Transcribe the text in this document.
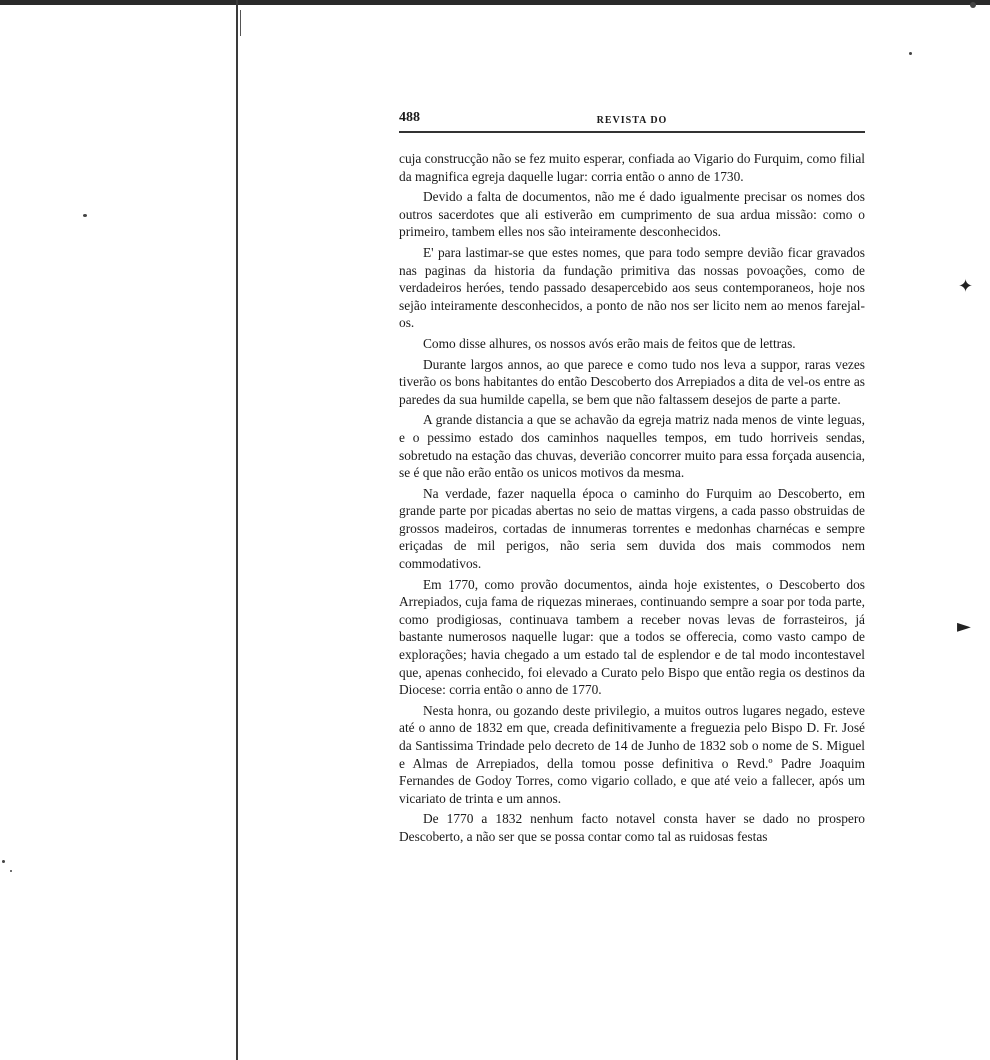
✦
►
488	REVISTA DO

cuja construcção não se fez muito esperar, confiada ao Vigario do Furquim, como filial da magnifica egreja daquelle lugar: corria então o anno de 1730.

Devido a falta de documentos, não me é dado igualmente precisar os nomes dos outros sacerdotes que ali estiverão em cumprimento de sua ardua missão: como o primeiro, tambem elles nos são inteiramente desconhecidos.

E' para lastimar-se que estes nomes, que para todo sempre devião ficar gravados nas paginas da historia da fundação primitiva das nossas povoações, como de verdadeiros heróes, tendo passado desapercebido aos seus contemporaneos, hoje nos sejão inteiramente desconhecidos, a ponto de não nos ser licito nem ao menos farejal-os.

Como disse alhures, os nossos avós erão mais de feitos que de lettras.

Durante largos annos, ao que parece e como tudo nos leva a suppor, raras vezes tiverão os bons habitantes do então Descoberto dos Arrepiados a dita de vel-os entre as paredes da sua humilde capella, se bem que não faltassem desejos de parte a parte.

A grande distancia a que se achavão da egreja matriz nada menos de vinte leguas, e o pessimo estado dos caminhos naquelles tempos, em tudo horriveis sendas, sobretudo na estação das chuvas, deverião concorrer muito para essa forçada ausencia, se é que não erão então os unicos motivos da mesma.

Na verdade, fazer naquella época o caminho do Furquim ao Descoberto, em grande parte por picadas abertas no seio de mattas virgens, a cada passo obstruidas de grossos madeiros, cortadas de innumeras torrentes e medonhas charnécas e sempre eriçadas de mil perigos, não seria sem duvida dos mais commodos nem commodativos.

Em 1770, como provão documentos, ainda hoje existentes, o Descoberto dos Arrepiados, cuja fama de riquezas mineraes, continuando sempre a soar por toda parte, como prodigiosas, continuava tambem a receber novas levas de forrasteiros, já bastante numerosos naquelle lugar: que a todos se offerecia, como vasto campo de explorações; havia chegado a um estado tal de esplendor e de tal modo incontestavel que, apenas conhecido, foi elevado a Curato pelo Bispo que então regia os destinos da Diocese: corria então o anno de 1770.

Nesta honra, ou gozando deste privilegio, a muitos outros lugares negado, esteve até o anno de 1832 em que, creada definitivamente a freguezia pelo Bispo D. Fr. José da Santissima Trindade pelo decreto de 14 de Junho de 1832 sob o nome de S. Miguel e Almas de Arrepiados, della tomou posse definitiva o Revd.º Padre Joaquim Fernandes de Godoy Torres, como vigario collado, e que até veio a fallecer, após um vicariato de trinta e um annos.

De 1770 a 1832 nenhum facto notavel consta haver se dado no prospero Descoberto, a não ser que se possa contar como tal as ruidosas festas
